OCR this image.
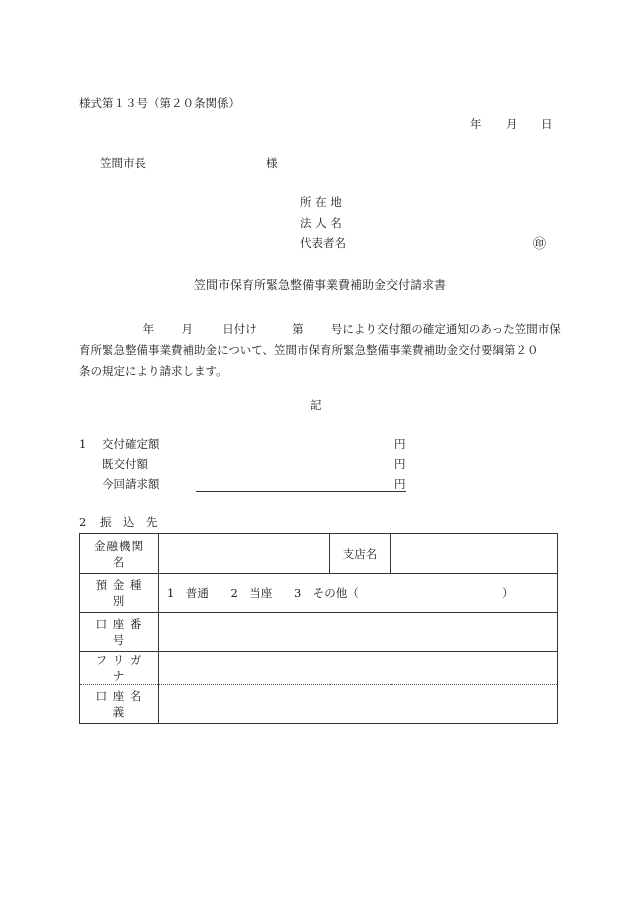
様式第１３号（第２０条関係）
年 月 日
笠間市長	様
所 在 地
法 人 名
代表者名	㊞
笠間市保育所緊急整備事業費補助金交付請求書
年 月	日付け	第 号により交付額の確定通知のあった笠間市保
育所緊急整備事業費補助金について、笠間市保育所緊急整備事業費補助金交付要綱第２０
条の規定により請求します。
記
1 交付確定額	円
既交付額	円
今回請求額	円
2 振　込　先
金融機関名		支店名	
預 金 種 別	1　普通 2　当座 3　その他（ ）		
口 座 番 号			
フ リ ガ ナ			
口 座 名 義			
